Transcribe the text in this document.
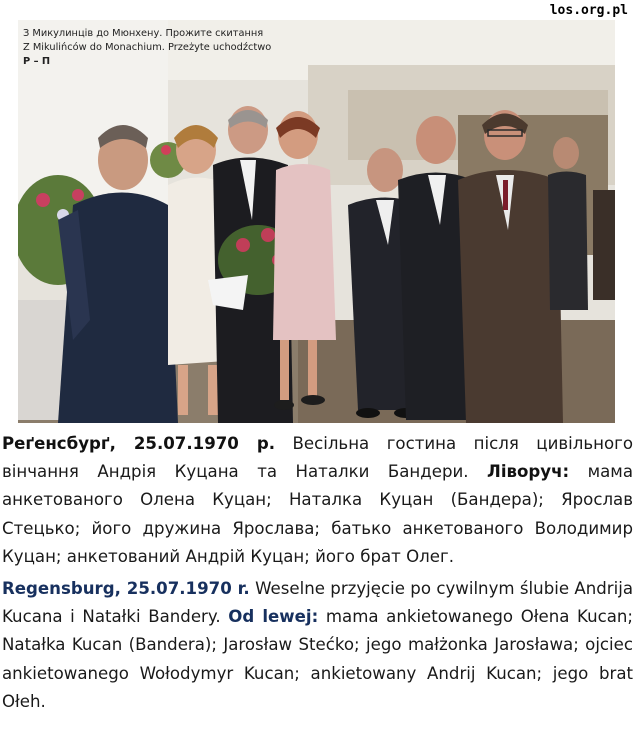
los.org.pl
З Микулинців до Мюнхену. Прожите скитання
Z Mikulińców do Monachium. Przeżyte uchodźctwo
Р – П

Реґенсбурґ, 25.07.1970 р. Весільна гостина після цивільного вінчання Андрія Куцана та Наталки Бандери. Ліворуч: мама анкетованого Олена Куцан; Наталка Куцан (Бандера); Ярослав Стецько; його дружина Ярослава; батько анкетованого Володимир Куцан; анкетований Андрій Куцан; його брат Олег.

Regensburg, 25.07.1970 r. Weselne przyjęcie po cywilnym ślubie Andrija Kucana i Natałki Bandery. Od lewej: mama ankietowanego Ołena Kucan; Natałka Kucan (Bandera); Jarosław Stećko; jego małżonka Jarosława; ojciec ankietowanego Wołodymyr Kucan; ankietowany Andrij Kucan; jego brat Ołeh.
